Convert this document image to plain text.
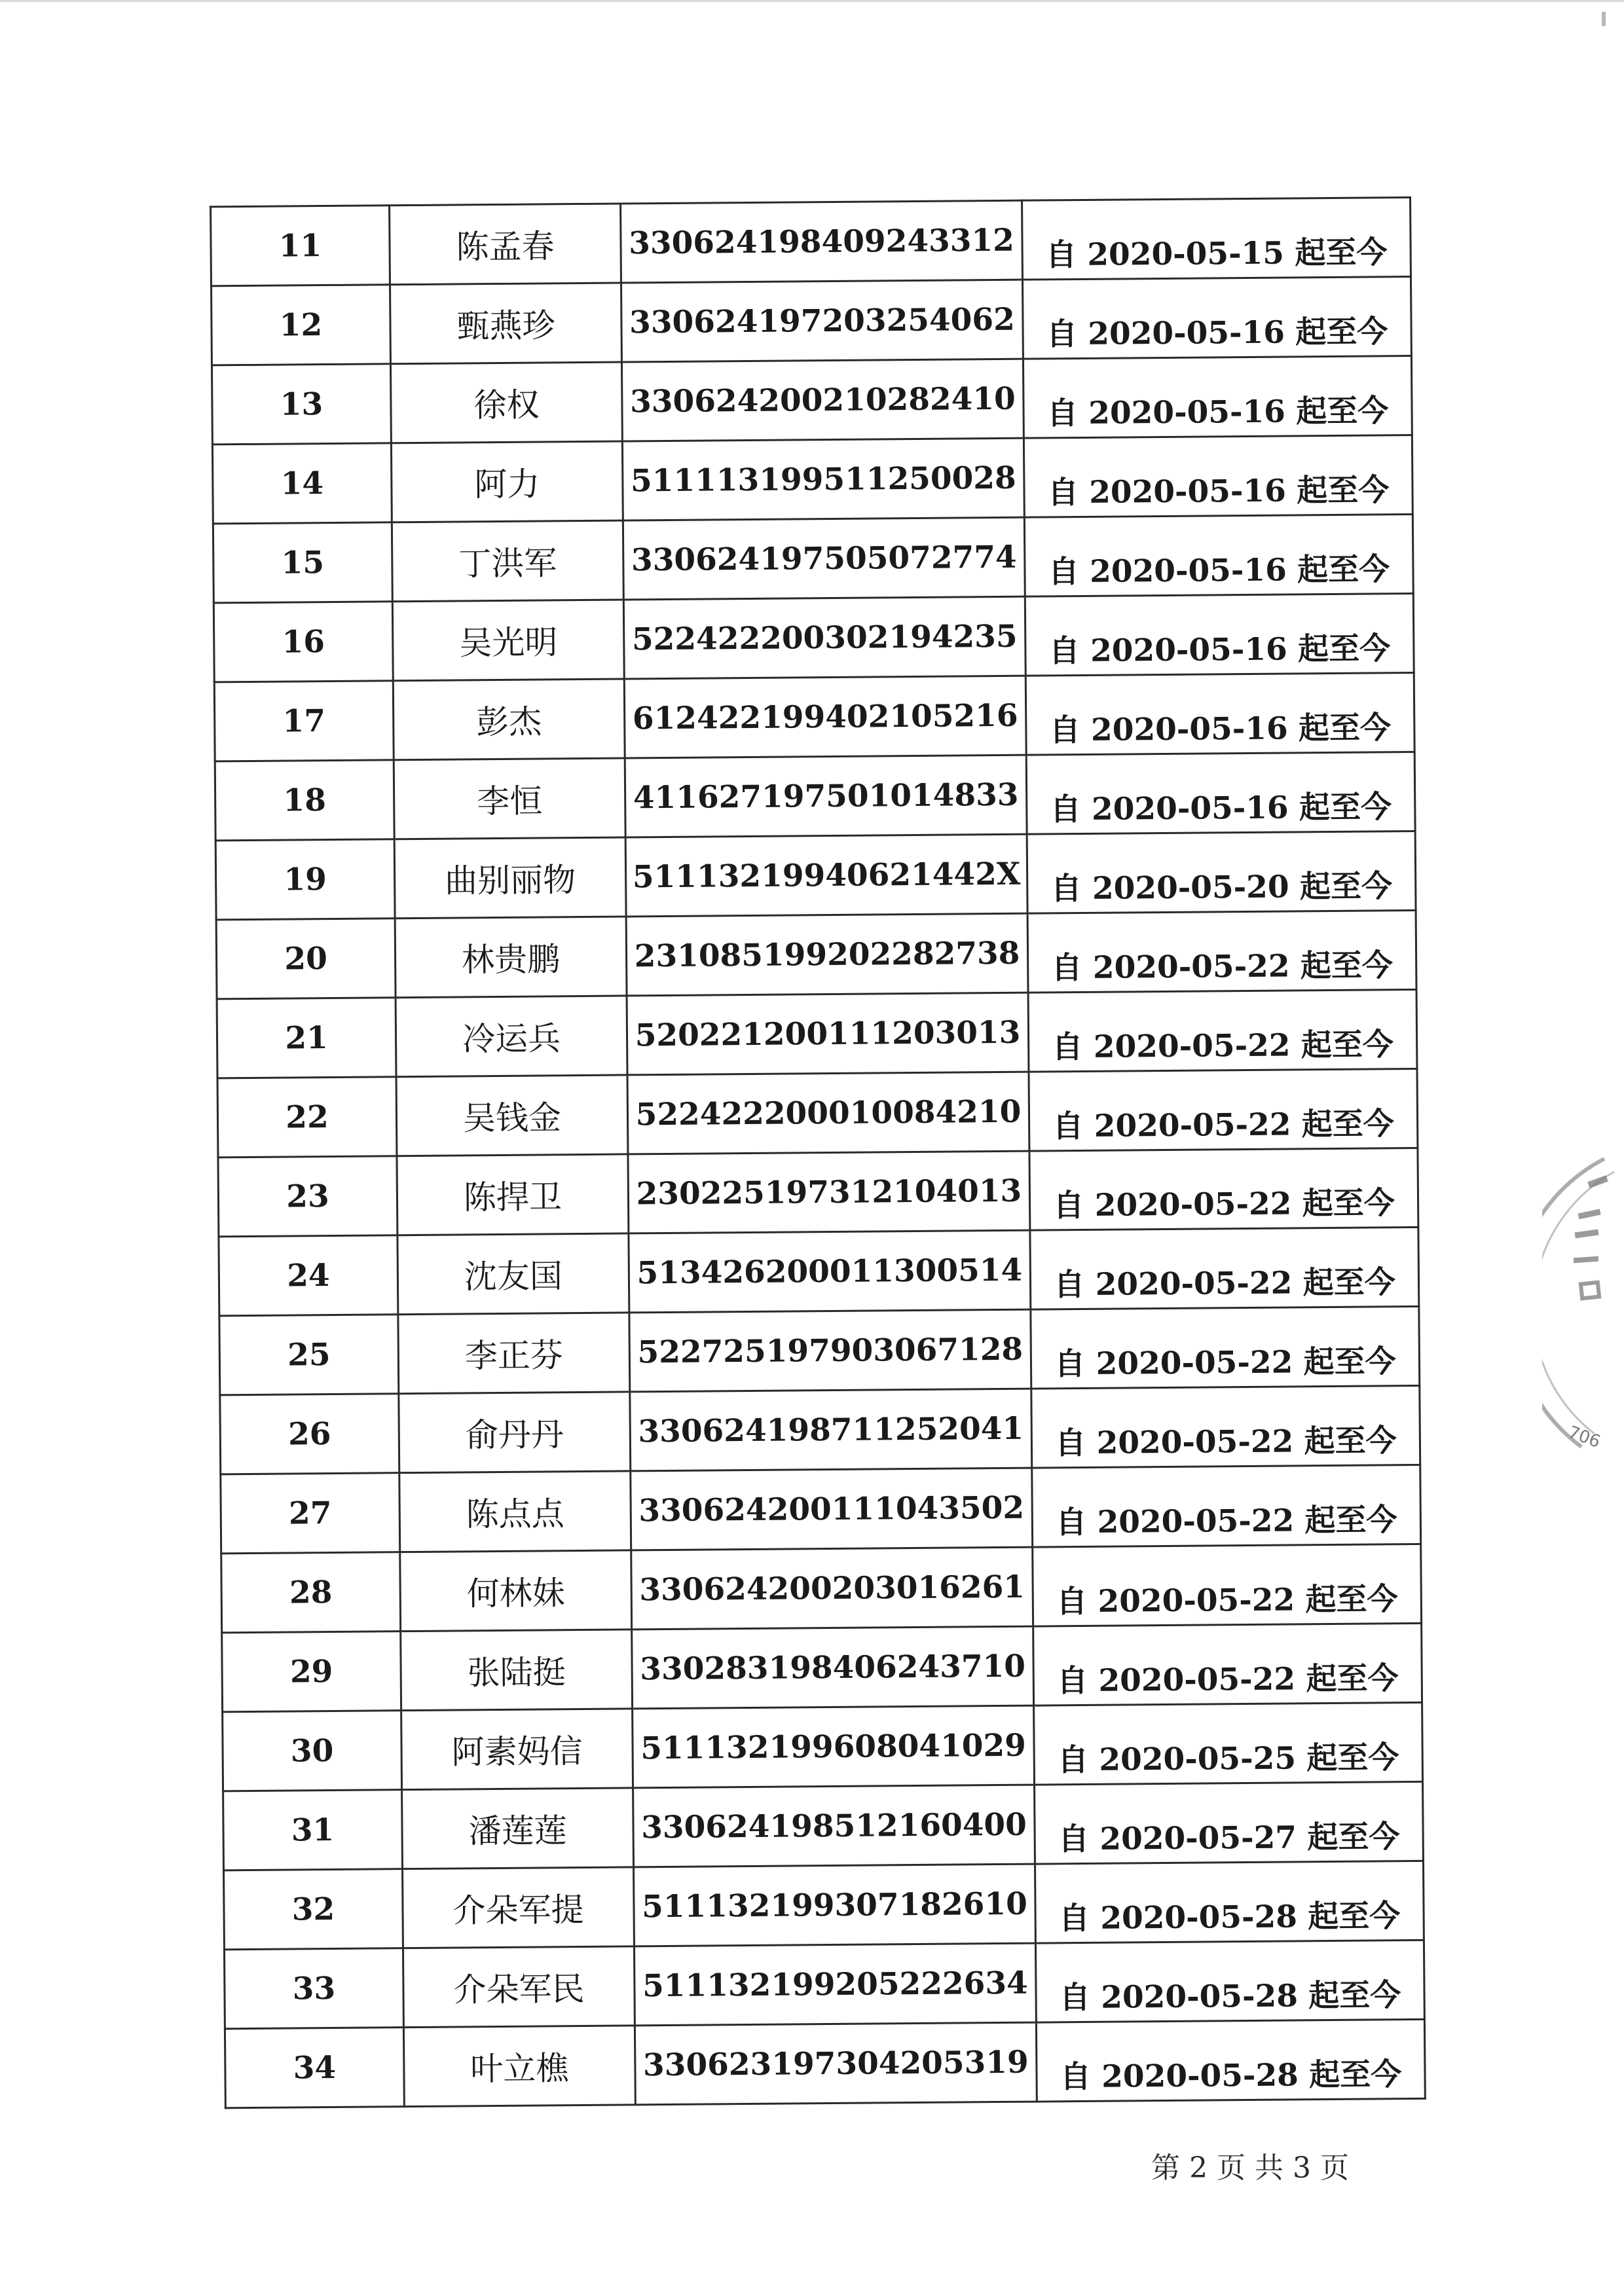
11	陈孟春	330624198409243312	自 2020-05-15 起至今
12	甄燕珍	330624197203254062	自 2020-05-16 起至今
13	徐权	330624200210282410	自 2020-05-16 起至今
14	阿力	511113199511250028	自 2020-05-16 起至今
15	丁洪军	330624197505072774	自 2020-05-16 起至今
16	吴光明	522422200302194235	自 2020-05-16 起至今
17	彭杰	612422199402105216	自 2020-05-16 起至今
18	李恒	411627197501014833	自 2020-05-16 起至今
19	曲别丽物	51113219940621442X	自 2020-05-20 起至今
20	林贵鹏	231085199202282738	自 2020-05-22 起至今
21	冷运兵	520221200111203013	自 2020-05-22 起至今
22	吴钱金	522422200010084210	自 2020-05-22 起至今
23	陈捍卫	230225197312104013	自 2020-05-22 起至今
24	沈友国	513426200011300514	自 2020-05-22 起至今
25	李正芬	522725197903067128	自 2020-05-22 起至今
26	俞丹丹	330624198711252041	自 2020-05-22 起至今
27	陈点点	330624200111043502	自 2020-05-22 起至今
28	何林妹	330624200203016261	自 2020-05-22 起至今
29	张陆挺	330283198406243710	自 2020-05-22 起至今
30	阿素妈信	511132199608041029	自 2020-05-25 起至今
31	潘莲莲	330624198512160400	自 2020-05-27 起至今
32	介朵军提	511132199307182610	自 2020-05-28 起至今
33	介朵军民	511132199205222634	自 2020-05-28 起至今
34	叶立樵	330623197304205319	自 2020-05-28 起至今
706
第 2 页 共 3 页
